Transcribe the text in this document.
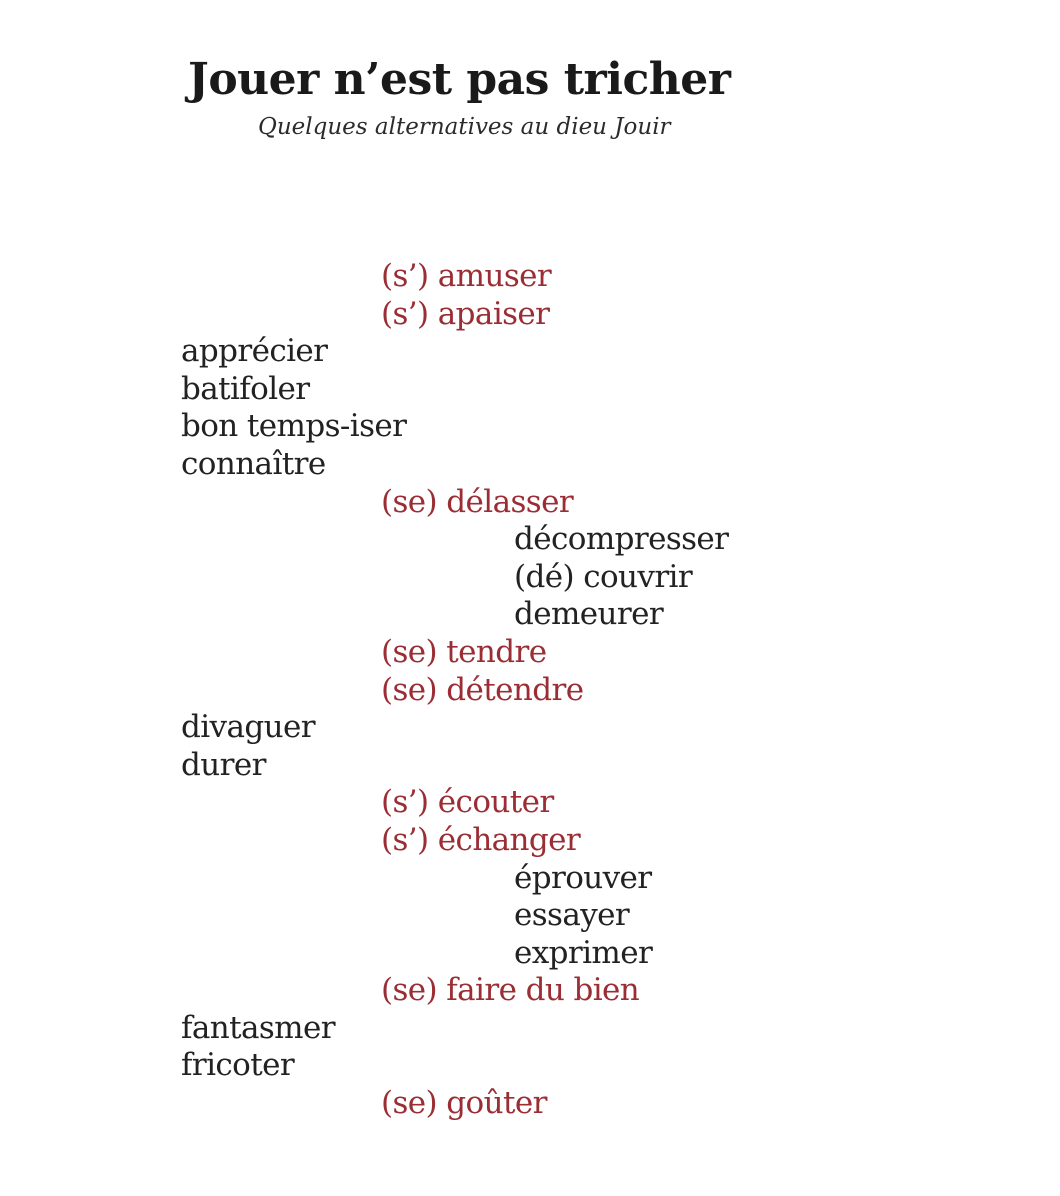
Jouer n’est pas tricher

Quelques alternatives au dieu Jouir

(s’) amuser
(s’) apaiser
apprécier
batifoler
bon temps-iser
connaître
(se) délasser
décompresser
(dé) couvrir
demeurer
(se) tendre
(se) détendre
divaguer
durer
(s’) écouter
(s’) échanger
éprouver
essayer
exprimer
(se) faire du bien
fantasmer
fricoter
(se) goûter
